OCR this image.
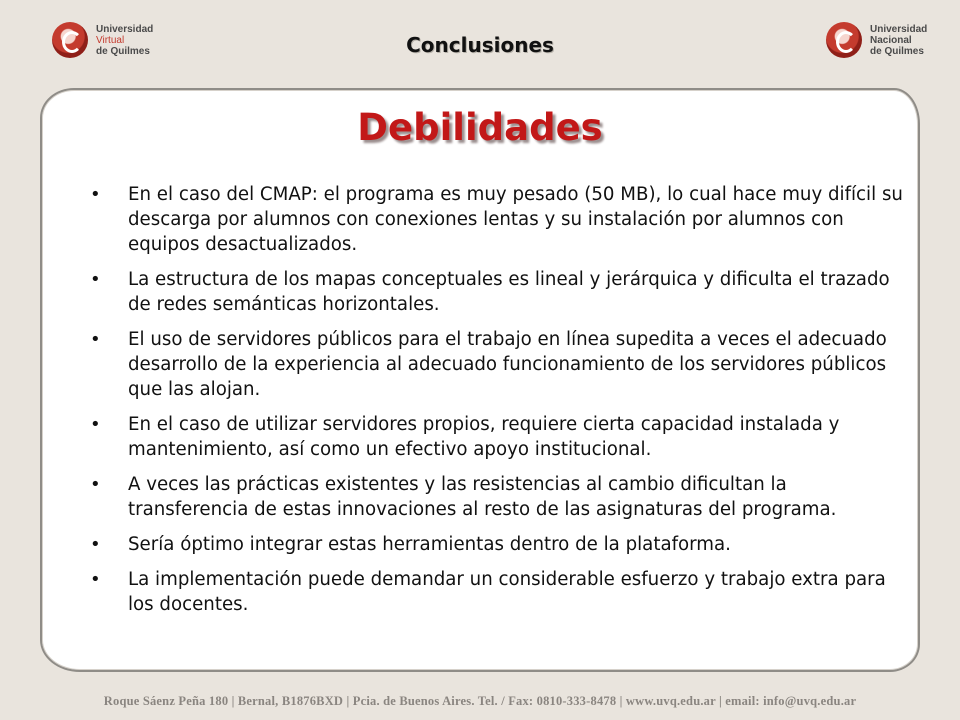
Universidad
Virtual
de Quilmes	Conclusiones
Universidad
Nacional
de Quilmes
Debilidades
• En el caso del CMAP: el programa es muy pesado (50 MB), lo cual hace muy difícil su descarga por alumnos con conexiones lentas y su instalación por alumnos con equipos desactualizados.
• La estructura de los mapas conceptuales es lineal y jerárquica y dificulta el trazado de redes semánticas horizontales.
• El uso de servidores públicos para el trabajo en línea supedita a veces el adecuado desarrollo de la experiencia al adecuado funcionamiento de los servidores públicos que las alojan.
• En el caso de utilizar servidores propios, requiere cierta capacidad instalada y mantenimiento, así como un efectivo apoyo institucional.
• A veces las prácticas existentes y las resistencias al cambio dificultan la transferencia de estas innovaciones al resto de las asignaturas del programa.
• Sería óptimo integrar estas herramientas dentro de la plataforma.
• La implementación puede demandar un considerable esfuerzo y trabajo extra para los docentes.
Roque Sáenz Peña 180 | Bernal, B1876BXD | Pcia. de Buenos Aires. Tel. / Fax: 0810-333-8478 | www.uvq.edu.ar | email: info@uvq.edu.ar
